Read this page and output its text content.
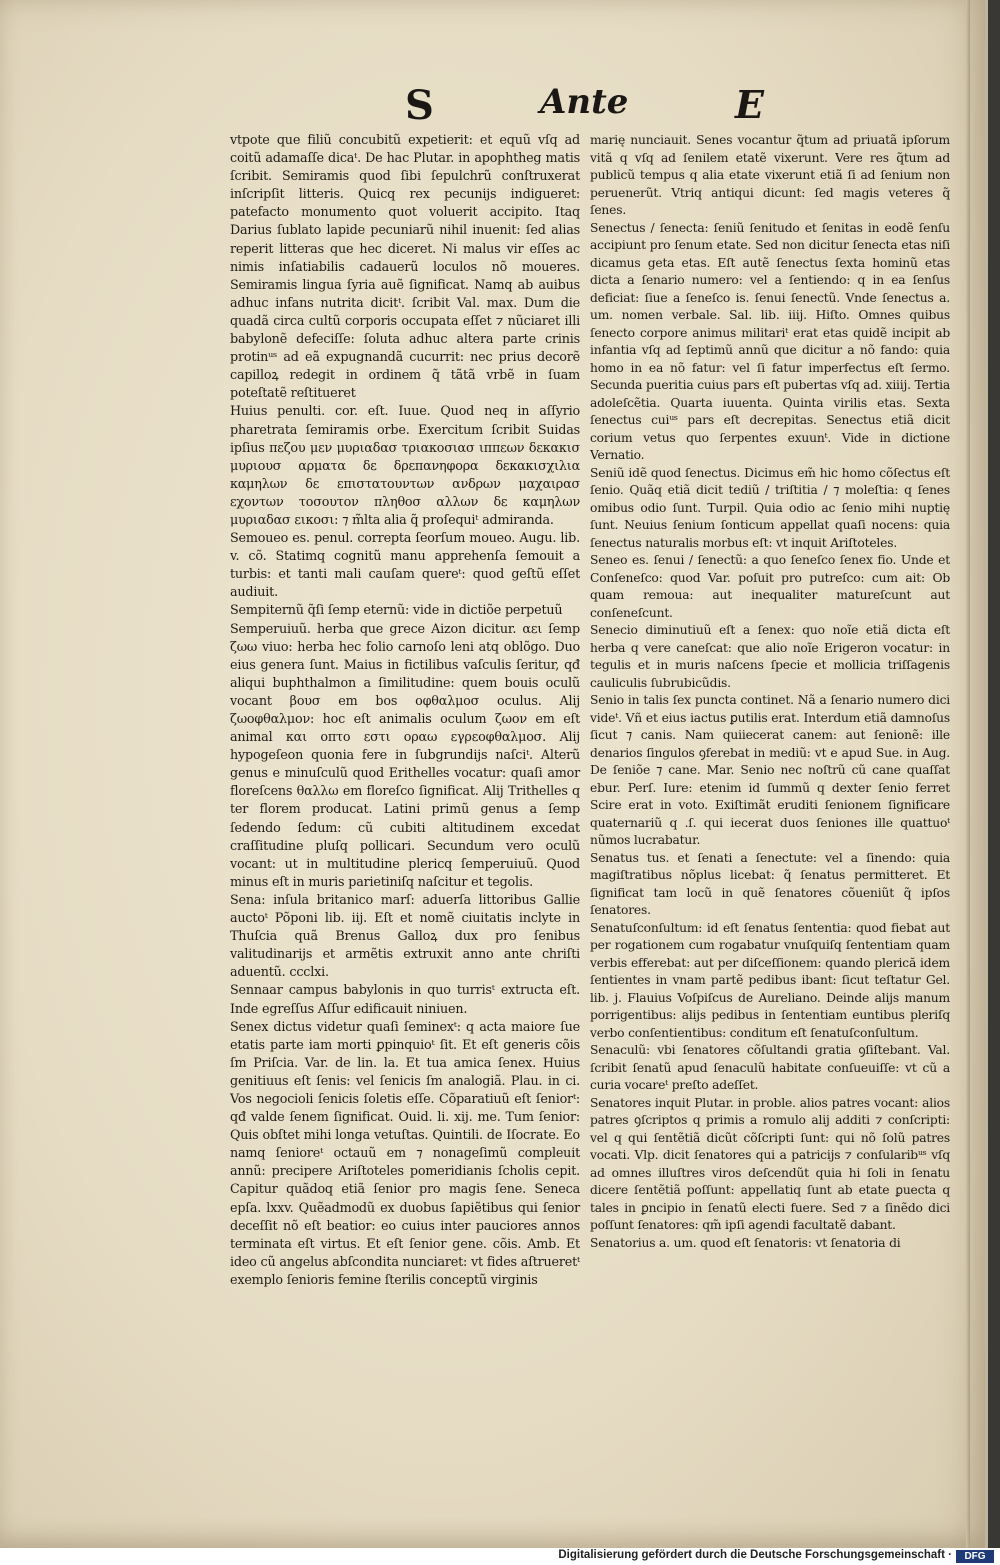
S	Ante	E

vtpote que filiũ concubitũ expetierit: et equũ vſq ad coitũ adamaſſe dicaᵗ. De hac Plutar. in apophtheg matis ſcribit. Semiramis quod ſibi ſepulchrũ conſtruxerat inſcripſit litteris. Quicq rex pecunijs indigueret: patefacto monumento quot voluerit accipito. Itaq Darius ſublato lapide pecuniarũ nihil inuenit: ſed alias reperit litteras que hec diceret. Ni malus vir eſſes ac nimis inſatiabilis cadauerũ loculos nõ moueres. Semiramis lingua ſyria auẽ ſignificat. Namq ab auibus adhuc infans nutrita dicitᵗ. ſcribit Val. max. Dum die quadã circa cultũ corporis occupata eſſet ⁊ nũciaret illi babylonẽ defeciſſe: ſoluta adhuc altera parte crinis protinᵘˢ ad eã expugnandã cucurrit: nec prius decorẽ capilloꝝ redegit in ordinem q̃ tãtã vrbẽ in ſuam poteſtatẽ reſtitueret

Huius penulti. cor. eſt. Iuue. Quod neq in aſſyrio pharetrata ſemiramis orbe. Exercitum ſcribit Suidas ipſius πεζου μεν μυριαδασ τριακοσιασ ιππεων δεκακισ μυριουσ αρματα δε δρεπανηφορα δεκακισχιλια καμηλων δε επιστατουντων ανδρων μαχαιρασ εχοντων τοσουτον πληθοσ αλλων δε καμηλων μυριαδασ εικοσι: ⁊ m̃lta alia q̃ proſequiᵗ admiranda.

Semoueo es. penul. correpta ſeorſum moueo. Augu. lib. v. cõ. Statimq cognitũ manu apprehenſa ſemouit a turbis: et tanti mali cauſam quereᵗ: quod geſtũ eſſet audiuit.

Sempiternũ q̃ſi ſemp eternũ: vide in dictiõe perpetuũ

Semperuiuũ. herba que grece Aizon dicitur. αει ſemp ζωω viuo: herba hec folio carnoſo leni atq oblõgo. Duo eius genera ſunt. Maius in fictilibus vaſculis ſeritur, qđ aliqui buphthalmon a ſimilitudine: quem bouis oculũ vocant βουσ em bos οφθαλμοσ oculus. Alij ζωοφθαλμον: hoc eſt animalis oculum ζωον em eſt animal και οπτο εστι οραω εγρεοφθαλμοσ. Alij hypogeſeon quonia fere in ſubgrundijs naſciᵗ. Alterũ genus e minuſculũ quod Erithelles vocatur: quaſi amor floreſcens θαλλω em floreſco ſignificat. Alij Trithelles q ter florem producat. Latini primũ genus a ſemp ſedendo ſedum: cũ cubiti altitudinem excedat craſſitudine pluſq pollicari. Secundum vero oculũ vocant: ut in multitudine plericq ſemperuiuũ. Quod minus eſt in muris parietiniſq naſcitur et tegolis.

Sena: inſula britanico marſ: aduerſa littoribus Gallie auctoᵗ Põponi lib. iij. Eſt et nomẽ ciuitatis inclyte in Thuſcia quã Brenus Galloꝝ dux pro ſenibus valitudinarijs et armẽtis extruxit anno ante chriſti aduentũ. ccclxi.

Sennaar campus babylonis in quo turrisᵗ extructa eſt. Inde egreſſus Aſſur edificauit niniuen.

Senex dictus videtur quaſi ſeminexᵗ: q acta maiore ſue etatis parte iam morti ꝑpinquioᵗ ſit. Et eſt generis cõis ſm Priſcia. Var. de lin. la. Et tua amica ſenex. Huius genitiuus eſt ſenis: vel ſenicis ſm analogiã. Plau. in ci. Vos negocioli ſenicis ſoletis eſſe. Cõparatiuũ eſt ſeniorᵗ: qđ valde ſenem ſignificat. Ouid. li. xij. me. Tum ſenior: Quis obſtet mihi longa vetuſtas. Quintili. de Iſocrate. Eo namq ſenioreᵗ octauũ em ⁊ nonageſimũ compleuit annũ: precipere Ariſtoteles pomeridianis ſcholis cepit. Capitur quãdoq etiã ſenior pro magis ſene. Seneca epſa. lxxv. Quẽadmodũ ex duobus ſapiẽtibus qui ſenior deceſſit nõ eſt beatior: eo cuius inter pauciores annos terminata eſt virtus. Et eſt ſenior gene. cõis. Amb. Et ideo cũ angelus abſcondita nunciaret: vt fides aſtrueretᵗ exemplo ſenioris femine ſterilis conceptũ virginis

marię nunciauit. Senes vocantur q̃tum ad priuatã ipſorum vitã q vſq ad ſenilem etatẽ vixerunt. Vere res q̃tum ad publicũ tempus q alia etate vixerunt etiã ſi ad ſenium non peruenerũt. Vtriq antiqui dicunt: ſed magis veteres q̃ ſenes.

Senectus / ſenecta: ſeniũ ſenitudo et ſenitas in eodẽ ſenſu accipiunt pro ſenum etate. Sed non dicitur ſenecta etas niſi dicamus geta etas. Eſt autẽ ſenectus ſexta hominũ etas dicta a ſenario numero: vel a ſentiendo: q in ea ſenſus deficiat: ſiue a ſeneſco is. ſenui ſenectũ. Vnde ſenectus a. um. nomen verbale. Sal. lib. iiij. Hiſto. Omnes quibus ſenecto corpore animus militariᵗ erat etas quidẽ incipit ab infantia vſq ad ſeptimũ annũ que dicitur a nõ fando: quia homo in ea nõ fatur: vel ſi fatur imperfectus eſt ſermo. Secunda pueritia cuius pars eſt pubertas vſq ad. xiiij. Tertia adoleſcẽtia. Quarta iuuenta. Quinta virilis etas. Sexta ſenectus cuiᵘˢ pars eſt decrepitas. Senectus etiã dicit corium vetus quo ſerpentes exuunᵗ. Vide in dictione Vernatio.

Seniũ idẽ quod ſenectus. Dicimus em̃ hic homo cõſectus eſt ſenio. Quãq etiã dicit tediũ / triſtitia / ⁊ moleſtia: q ſenes omibus odio ſunt. Turpil. Quia odio ac ſenio mihi nuptię ſunt. Neuius ſenium ſonticum appellat quaſi nocens: quia ſenectus naturalis morbus eſt: vt inquit Ariſtoteles.

Seneo es. ſenui / ſenectũ: a quo ſeneſco ſenex fio. Unde et Conſeneſco: quod Var. poſuit pro putreſco: cum ait: Ob quam remoua: aut inequaliter matureſcunt aut conſeneſcunt.

Senecio diminutiuũ eſt a ſenex: quo noĩe etiã dicta eſt herba q vere caneſcat: que alio noĩe Erigeron vocatur: in tegulis et in muris naſcens ſpecie et mollicia triſſagenis cauliculis ſubrubicũdis.

Senio in talis ſex puncta continet. Nã a ſenario numero dici videᵗ. Vñ et eius iactus ꝑutilis erat. Interdum etiã damnoſus ſicut ⁊ canis. Nam quiiecerat canem: aut ſenionẽ: ille denarios ſingulos ꝯferebat in mediũ: vt e apud Sue. in Aug. De ſeniõe ⁊ cane. Mar. Senio nec noſtrũ cũ cane quaſſat ebur. Perſ. Iure: etenim id ſummũ q dexter ſenio ferret Scire erat in voto. Exiſtimãt eruditi ſenionem ſignificare quaternariũ q .ſ. qui iecerat duos ſeniones ille quattuoᵗ nũmos lucrabatur.

Senatus tus. et ſenati a ſenectute: vel a ſinendo: quia magiſtratibus nõplus licebat: q̃ ſenatus permitteret. Et ſignificat tam locũ in quẽ ſenatores cõueniũt q̃ ipſos ſenatores.

Senatuſconſultum: id eſt ſenatus ſententia: quod fiebat aut per rogationem cum rogabatur vnuſquiſq ſententiam quam verbis efferebat: aut per diſceſſionem: quando plerică idem ſentientes in vnam partẽ pedibus ibant: ſicut teſtatur Gel. lib. j. Flauius Voſpiſcus de Aureliano. Deinde alijs manum porrigentibus: alijs pedibus in ſententiam euntibus pleriſq verbo conſentientibus: conditum eſt ſenatuſconſultum.

Senaculũ: vbi ſenatores cõſultandi gratia ꝯſiſtebant. Val. ſcribit ſenatũ apud ſenaculũ habitate conſueuiſſe: vt cũ a curia vocareᵗ preſto adeſſet.

Senatores inquit Plutar. in proble. alios patres vocant: alios patres ꝯſcriptos q primis a romulo alij additi ⁊ conſcripti: vel q qui ſentẽtiã dicũt cõſcripti ſunt: qui nõ ſolũ patres vocati. Vlp. dicit ſenatores qui a patricijs ⁊ conſularibᵘˢ vſq ad omnes illuſtres viros deſcendũt quia hi ſoli in ſenatu dicere ſentẽtiã poſſunt: appellatiq ſunt ab etate ꝑuecta q tales in ꝑncipio in ſenatũ electi fuere. Sed ⁊ a ſinẽdo dici poſſunt ſenatores: qm̃ ipſi agendi facultatẽ dabant.

Senatorius a. um. quod eſt ſenatoris: vt ſenatoria di

Digitalisierung gefördert durch die Deutsche Forschungsgemeinschaft ·	DFG
